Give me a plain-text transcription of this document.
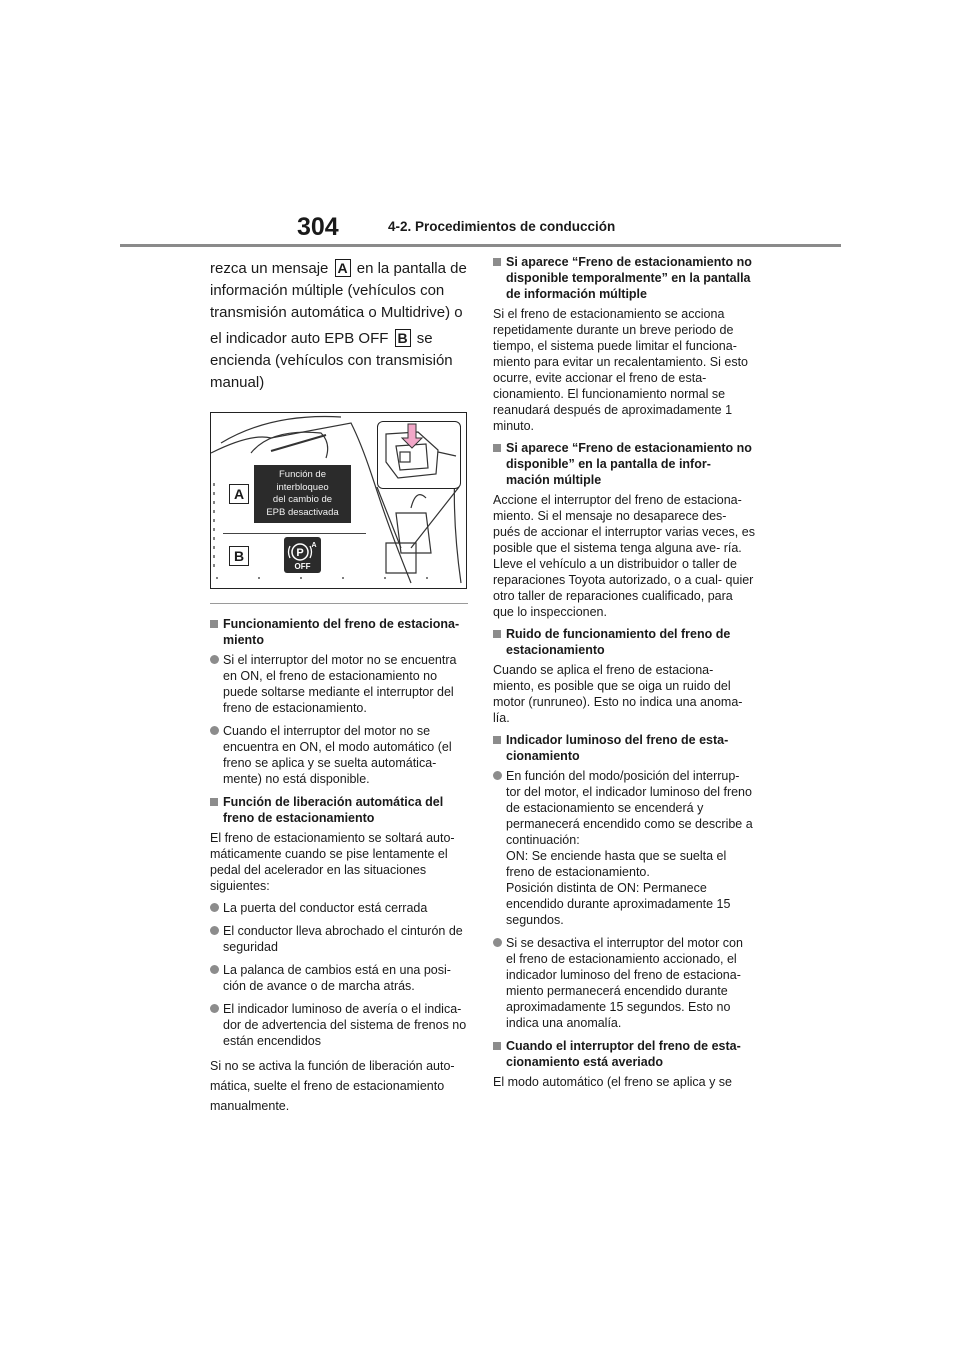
304	4-2. Procedimientos de conducción

rezca un mensaje A en la pantalla de información múltiple (vehículos con transmisión automática o Multidrive) o

el indicador auto EPB OFF B se encienda (vehículos con transmisión manual)

Función de
interbloqueo
del cambio de
EPB desactivada
A
B	P
A
OFF
Funcionamiento del freno de estaciona- miento
Si el interruptor del motor no se encuentra en ON, el freno de estacionamiento no puede soltarse mediante el interruptor del freno de estacionamiento.
Cuando el interruptor del motor no se encuentra en ON, el modo automático (el freno se aplica y se suelta automática- mente) no está disponible.
Función de liberación automática del freno de estacionamiento
El freno de estacionamiento se soltará auto- máticamente cuando se pise lentamente el pedal del acelerador en las situaciones siguientes:
La puerta del conductor está cerrada
El conductor lleva abrochado el cinturón de seguridad
La palanca de cambios está en una posi- ción de avance o de marcha atrás.
El indicador luminoso de avería o el indica- dor de advertencia del sistema de frenos no están encendidos
Si no se activa la función de liberación auto-
mática, suelte el freno de estacionamiento
manualmente.
Si aparece “Freno de estacionamiento no disponible temporalmente” en la pantalla de información múltiple
Si el freno de estacionamiento se acciona repetidamente durante un breve periodo de tiempo, el sistema puede limitar el funciona- miento para evitar un recalentamiento. Si esto ocurre, evite accionar el freno de esta- cionamiento. El funcionamiento normal se reanudará después de aproximadamente 1 minuto.
Si aparece “Freno de estacionamiento no disponible” en la pantalla de infor- mación múltiple
Accione el interruptor del freno de estaciona- miento. Si el mensaje no desaparece des- pués de accionar el interruptor varias veces, es posible que el sistema tenga alguna ave- ría. Lleve el vehículo a un distribuidor o taller de reparaciones Toyota autorizado, o a cual- quier otro taller de reparaciones cualificado, para que lo inspeccionen.
Ruido de funcionamiento del freno de estacionamiento
Cuando se aplica el freno de estaciona- miento, es posible que se oiga un ruido del motor (runruneo). Esto no indica una anoma- lía.
Indicador luminoso del freno de esta- cionamiento
En función del modo/posición del interrup- tor del motor, el indicador luminoso del freno de estacionamiento se encenderá y permanecerá encendido como se describe a continuación:
ON: Se enciende hasta que se suelta el freno de estacionamiento.
Posición distinta de ON: Permanece encendido durante aproximadamente 15 segundos.
Si se desactiva el interruptor del motor con el freno de estacionamiento accionado, el indicador luminoso del freno de estaciona- miento permanecerá encendido durante aproximadamente 15 segundos. Esto no indica una anomalía.
Cuando el interruptor del freno de esta- cionamiento está averiado
El modo automático (el freno se aplica y se
